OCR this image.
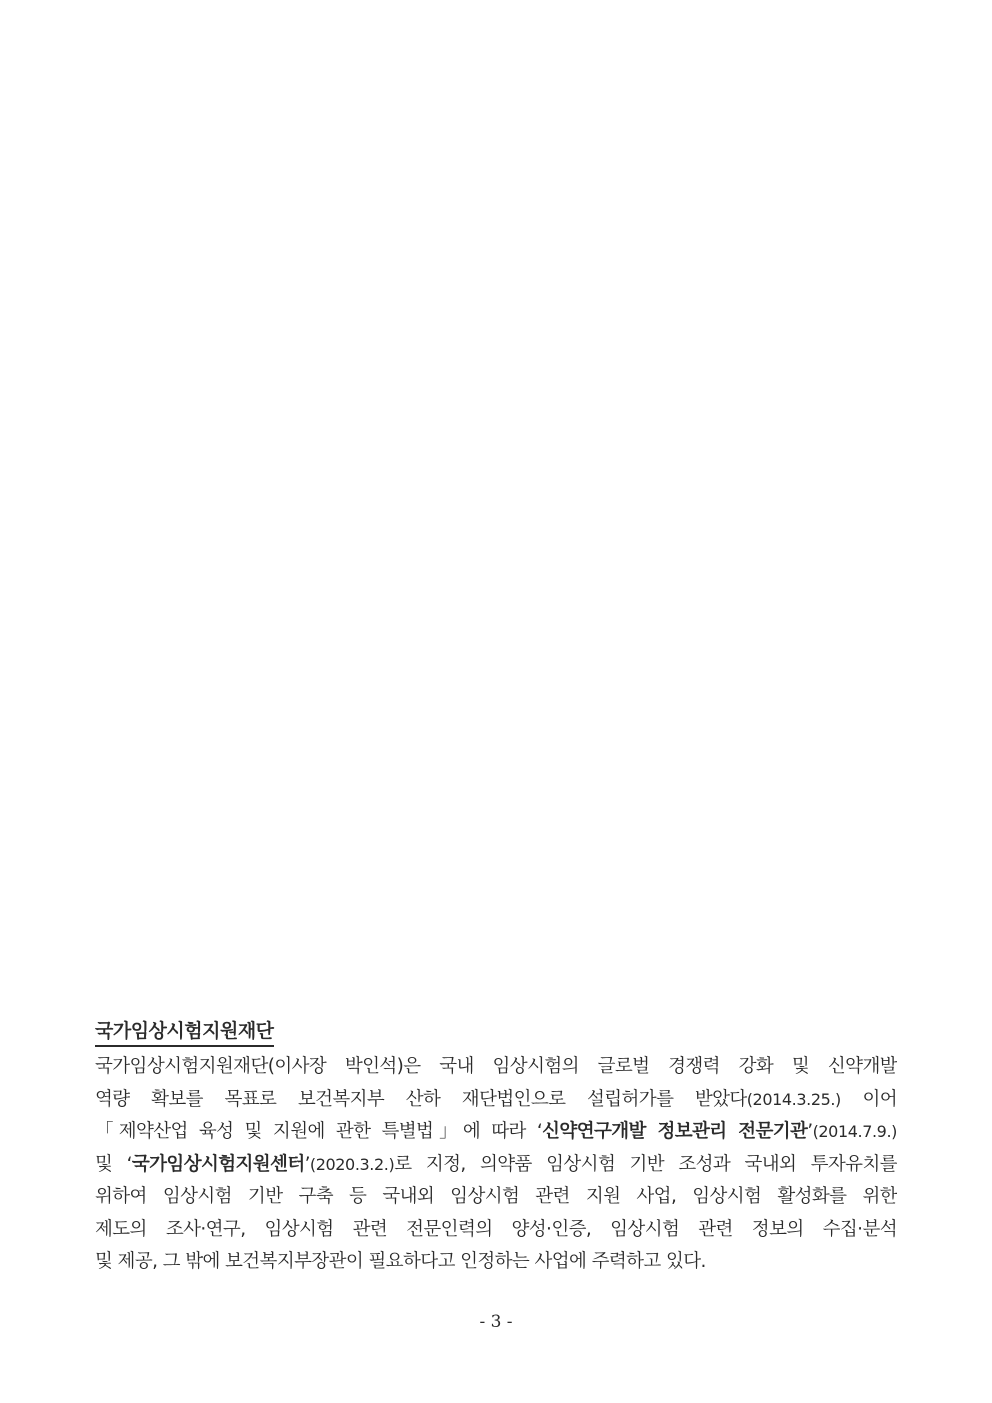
국가임상시험지원재단
국가임상시험지원재단(이사장 박인석)은 국내 임상시험의 글로벌 경쟁력 강화 및 신약개발
역량 확보를 목표로 보건복지부 산하 재단법인으로 설립허가를 받았다(2014.3.25.) 이어
「제약산업 육성 및 지원에 관한 특별법」에 따라 ‘신약연구개발 정보관리 전문기관’(2014.7.9.)
및 ‘국가임상시험지원센터’(2020.3.2.)로 지정, 의약품 임상시험 기반 조성과 국내외 투자유치를
위하여 임상시험 기반 구축 등 국내외 임상시험 관련 지원 사업, 임상시험 활성화를 위한
제도의 조사·연구, 임상시험 관련 전문인력의 양성·인증, 임상시험 관련 정보의 수집·분석
및 제공, 그 밖에 보건복지부장관이 필요하다고 인정하는 사업에 주력하고 있다.
- 3 -
